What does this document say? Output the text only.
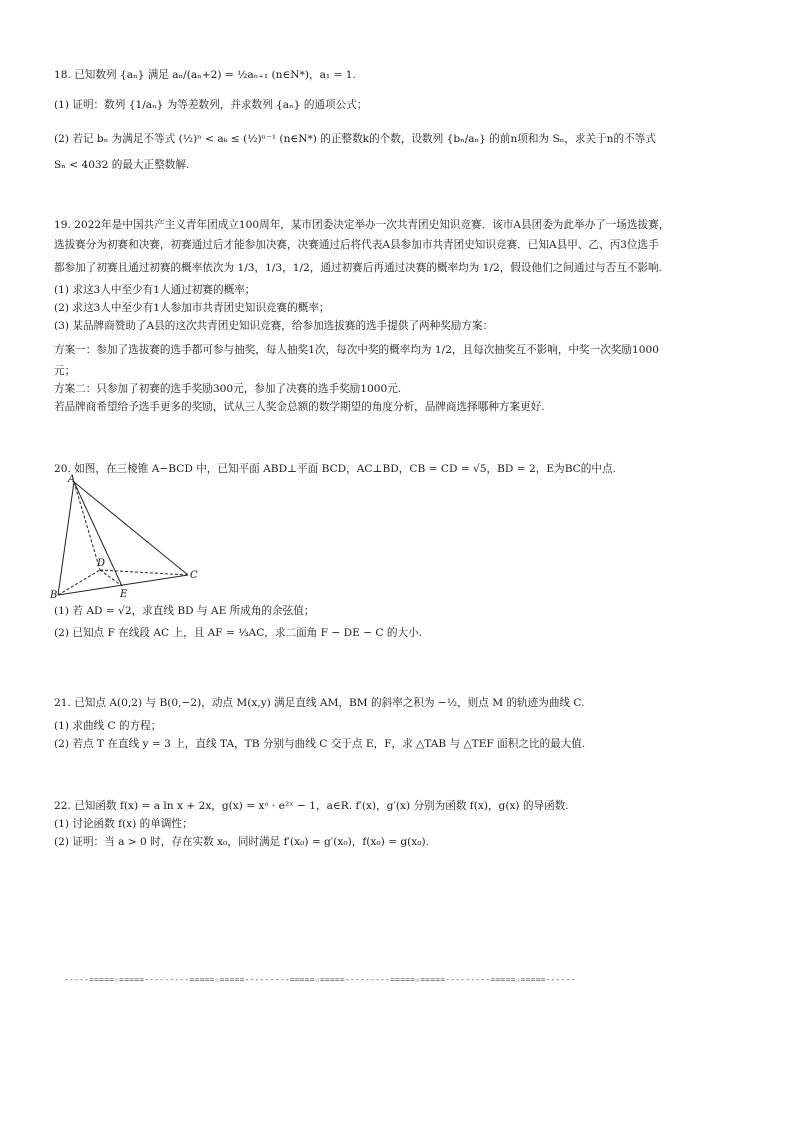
18. 已知数列 {aₙ} 满足 aₙ/(aₙ+2) = ½aₙ₊₁ (n∈N*)，a₁ = 1.
(1) 证明：数列 {1/aₙ} 为等差数列，并求数列 {aₙ} 的通项公式；
(2) 若记 bₙ 为满足不等式 (½)ⁿ < aₖ ≤ (½)ⁿ⁻¹ (n∈N*) 的正整数k的个数，设数列 {bₙ/aₙ} 的前n项和为 Sₙ，求关于n的不等式
Sₙ < 4032 的最大正整数解.
19. 2022年是中国共产主义青年团成立100周年，某市团委决定举办一次共青团史知识竞赛．该市A县团委为此举办了一场选拔赛，
选拔赛分为初赛和决赛，初赛通过后才能参加决赛，决赛通过后将代表A县参加市共青团史知识竞赛．已知A县甲、乙、丙3位选手
都参加了初赛且通过初赛的概率依次为 1/3，1/3，1/2，通过初赛后再通过决赛的概率均为 1/2，假设他们之间通过与否互不影响.
(1) 求这3人中至少有1人通过初赛的概率；
(2) 求这3人中至少有1人参加市共青团史知识竞赛的概率；
(3) 某品牌商赞助了A县的这次共青团史知识竞赛，给参加选拔赛的选手提供了两种奖励方案：
方案一：参加了选拔赛的选手都可参与抽奖，每人抽奖1次，每次中奖的概率均为 1/2，且每次抽奖互不影响，中奖一次奖励1000
元；
方案二：只参加了初赛的选手奖励300元，参加了决赛的选手奖励1000元.
若品牌商希望给予选手更多的奖励，试从三人奖金总额的数学期望的角度分析，品牌商选择哪种方案更好.
20. 如图，在三棱锥 A−BCD 中，已知平面 ABD⊥平面 BCD，AC⊥BD，CB = CD = √5，BD = 2，E为BC的中点.
A
B
C
D
E
(1) 若 AD = √2，求直线 BD 与 AE 所成角的余弦值；
(2) 已知点 F 在线段 AC 上，且 AF = ⅓AC，求二面角 F − DE − C 的大小.
21. 已知点 A(0,2) 与 B(0,−2)，动点 M(x,y) 满足直线 AM，BM 的斜率之积为 −½，则点 M 的轨迹为曲线 C.
(1) 求曲线 C 的方程；
(2) 若点 T 在直线 y = 3 上，直线 TA，TB 分别与曲线 C 交于点 E，F，求 △TAB 与 △TEF 面积之比的最大值.
22. 已知函数 f(x) = a ln x + 2x，g(x) = xᵃ · e²ˣ − 1，a∈R. f′(x)，g′(x) 分别为函数 f(x)，g(x) 的导函数.
(1) 讨论函数 f(x) 的单调性；
(2) 证明：当 a > 0 时，存在实数 x₀，同时满足 f′(x₀) = g′(x₀)，f(x₀) = g(x₀).
-----=====☆=====---------=====☆=====---------=====☆=====---------=====☆=====---------=====☆=====------
